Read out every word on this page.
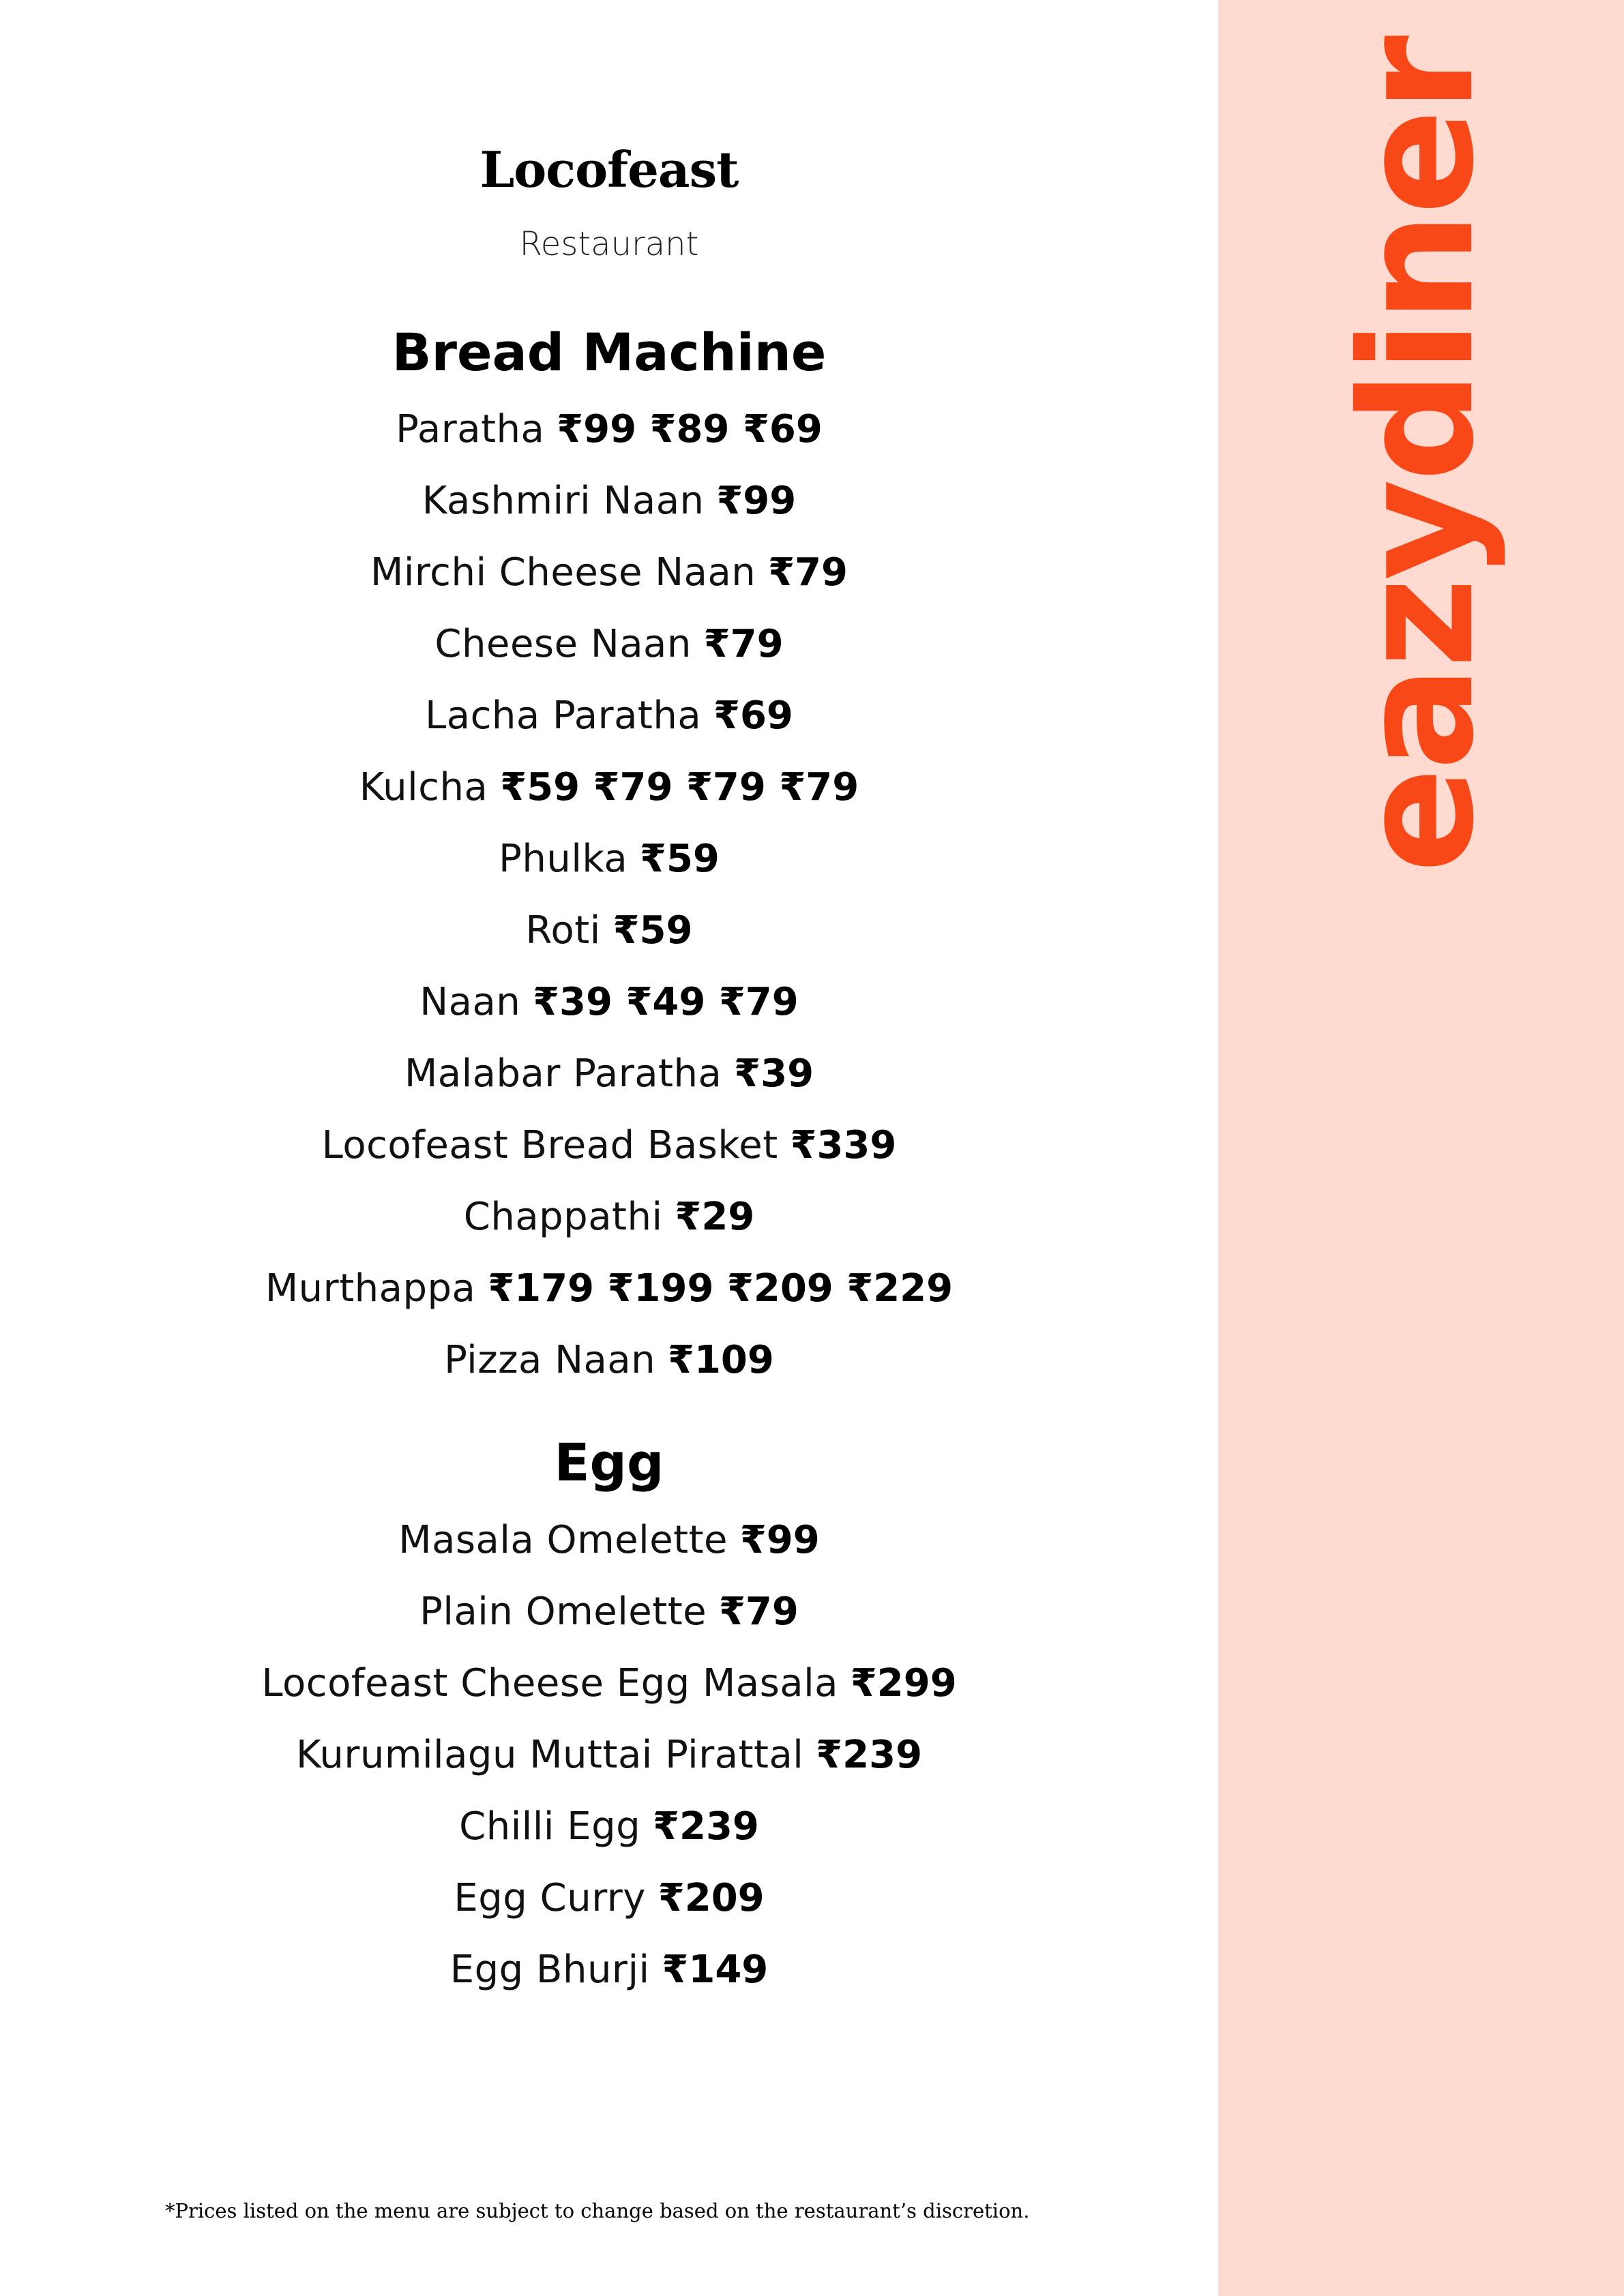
Locofeast
Restaurant
Bread Machine
Paratha ₹99 ₹89 ₹69
Kashmiri Naan ₹99
Mirchi Cheese Naan ₹79
Cheese Naan ₹79
Lacha Paratha ₹69
Kulcha ₹59 ₹79 ₹79 ₹79
Phulka ₹59
Roti ₹59
Naan ₹39 ₹49 ₹79
Malabar Paratha ₹39
Locofeast Bread Basket ₹339
Chappathi ₹29
Murthappa ₹179 ₹199 ₹209 ₹229
Pizza Naan ₹109
Egg
Masala Omelette ₹99
Plain Omelette ₹79
Locofeast Cheese Egg Masala ₹299
Kurumilagu Muttai Pirattal ₹239
Chilli Egg ₹239
Egg Curry ₹209
Egg Bhurji ₹149
*Prices listed on the menu are subject to change based on the restaurant’s discretion.
eazydiner
